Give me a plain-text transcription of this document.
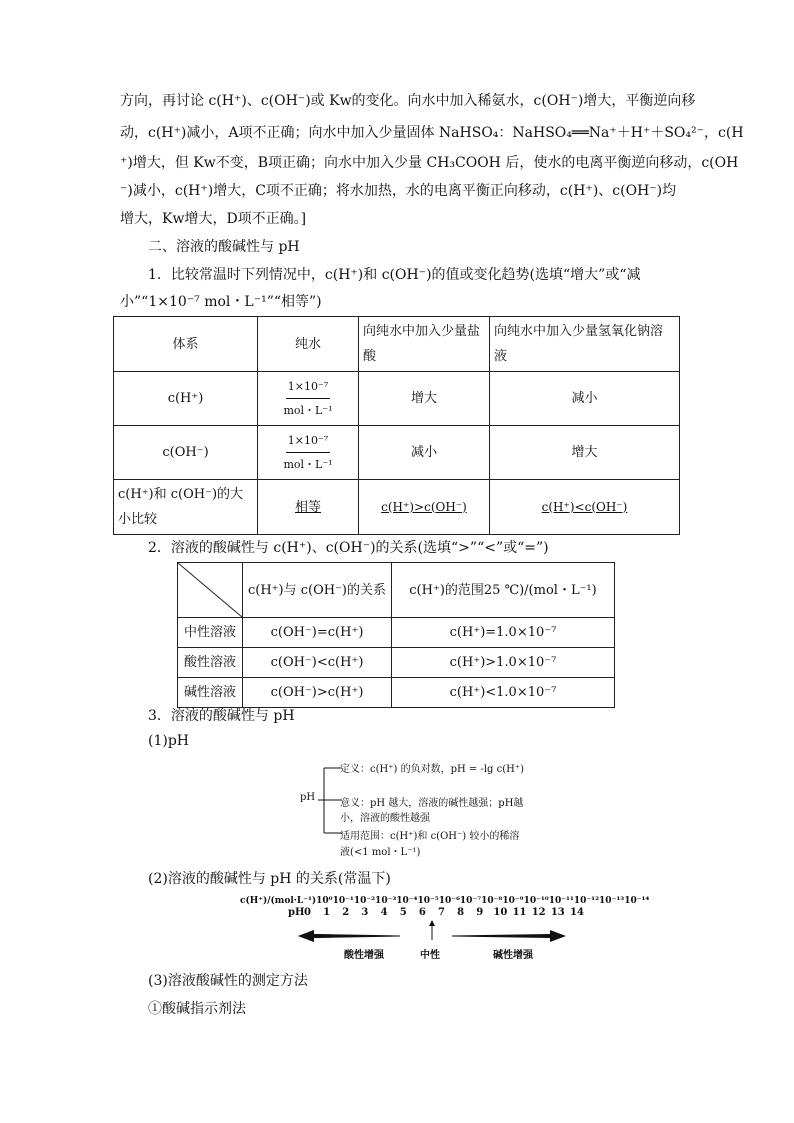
方向，再讨论 c(H⁺)、c(OH⁻)或 Kw的变化。向水中加入稀氨水，c(OH⁻)增大，平衡逆向移
动，c(H⁺)减小，A项不正确；向水中加入少量固体 NaHSO₄：NaHSO₄══Na⁺＋H⁺＋SO₄²⁻，c(H
⁺)增大，但 Kw不变，B项正确；向水中加入少量 CH₃COOH 后，使水的电离平衡逆向移动，c(OH
⁻)减小，c(H⁺)增大，C项不正确；将水加热，水的电离平衡正向移动，c(H⁺)、c(OH⁻)均
增大，Kw增大，D项不正确。]
二、溶液的酸碱性与 pH
1．比较常温时下列情况中，c(H⁺)和 c(OH⁻)的值或变化趋势(选填“增大”或“减
小”“1×10⁻⁷ mol・L⁻¹”“相等”)
体系	纯水	向纯水中加入少量盐酸	向纯水中加入少量氢氧化钠溶液
c(H⁺)	1×10⁻⁷
mol・L⁻¹	增大	减小
c(OH⁻)	1×10⁻⁷
mol・L⁻¹	减小	增大
c(H⁺)和 c(OH⁻)的大小比较	相等	c(H⁺)>c(OH⁻)	c(H⁺)<c(OH⁻)
2．溶液的酸碱性与 c(H⁺)、c(OH⁻)的关系(选填“>”“<”或“=”)
	c(H⁺)与 c(OH⁻)的关系	c(H⁺)的范围25 ℃)/(mol・L⁻¹)
中性溶液	c(OH⁻)=c(H⁺)	c(H⁺)=1.0×10⁻⁷
酸性溶液	c(OH⁻)<c(H⁺)	c(H⁺)>1.0×10⁻⁷
碱性溶液	c(OH⁻)>c(H⁺)	c(H⁺)<1.0×10⁻⁷
3．溶液的酸碱性与 pH
(1)pH
pH
定义：c(H⁺) 的负对数，pH = -lg c(H⁺)
意义：pH 越大，溶液的碱性越强；pH越
小，溶液的酸性越强
适用范围：c(H⁺)和 c(OH⁻) 较小的稀溶
液(<1 mol・L⁻¹)
(2)溶液的酸碱性与 pH 的关系(常温下)
c(H⁺)/(mol·L⁻¹)10⁰10⁻¹10⁻²10⁻³10⁻⁴10⁻⁵10⁻⁶10⁻⁷10⁻⁸10⁻⁹10⁻¹⁰10⁻¹¹10⁻¹²10⁻¹³10⁻¹⁴
pH 0 1 2 3 4 5 6 7 8 9 10 11 12 13 14
酸性增强	中性	碱性增强
(3)溶液酸碱性的测定方法
①酸碱指示剂法
